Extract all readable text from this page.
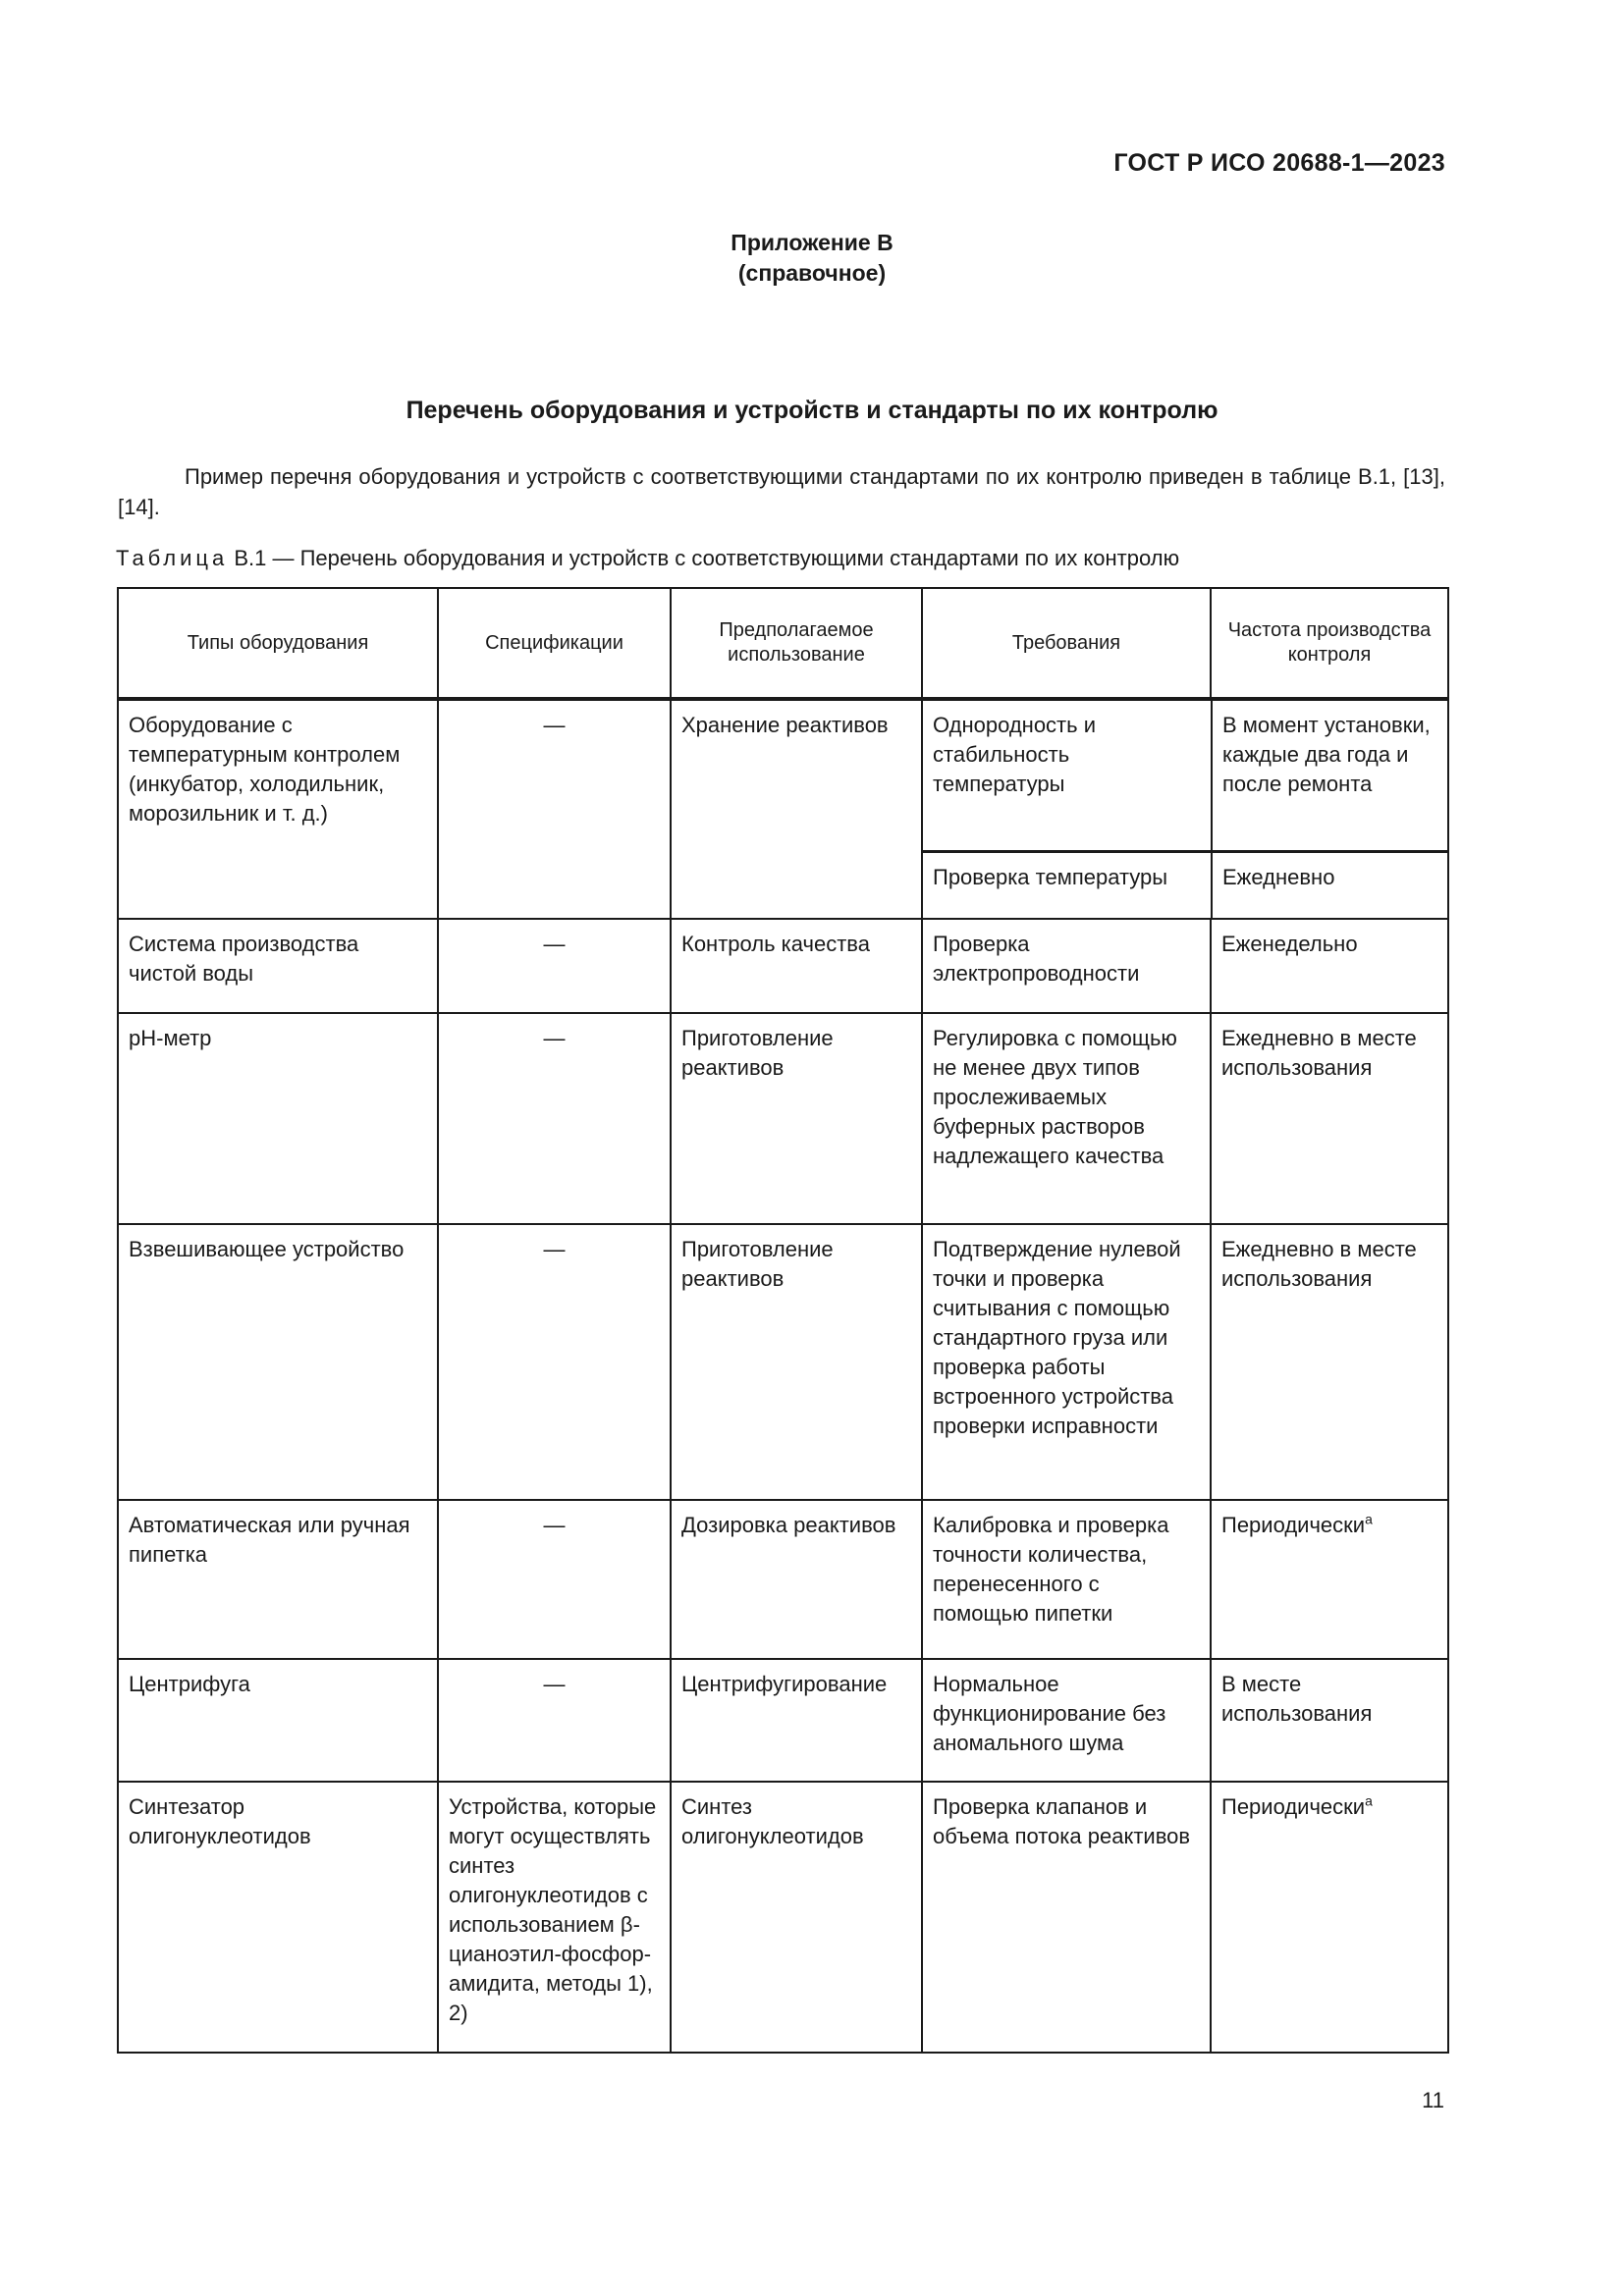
ГОСТ Р ИСО 20688-1—2023
Приложение В
(справочное)
Перечень оборудования и устройств и стандарты по их контролю

Пример перечня оборудования и устройств с соответствующими стандартами по их контролю приведен в таблице В.1, [13], [14].

Таблица В.1 — Перечень оборудования и устройств с соответствующими стандартами по их контролю
Типы оборудования	Спецификации	Предполагаемое использование	Требования	Частота производства контроля
Оборудование с температурным контролем (инкубатор, холодильник, морозильник и т. д.)	—	Хранение реактивов	Однородность и стабильность температуры	В момент установки, каждые два года и после ремонта
Проверка температуры	Ежедневно

Система производства чистой воды	—	Контроль качества	Проверка электропроводности	Еженедельно
pH-метр	—	Приготовление реактивов	Регулировка с помощью не менее двух типов прослеживаемых буферных растворов надлежащего качества	Ежедневно в месте использования
Взвешивающее устройство	—	Приготовление реактивов	Подтверждение нулевой точки и проверка считывания с помощью стандартного груза или проверка работы встроенного устройства проверки исправности	Ежедневно в месте использования
Автоматическая или ручная пипетка	—	Дозировка реактивов	Калибровка и проверка точности количества, перенесенного с помощью пипетки	Периодически$^a$
Центрифуга	—	Центрифугирование	Нормальное функционирование без аномального шума	В месте использования
Синтезатор олигонуклеотидов	Устройства, которые могут осуществлять синтез олигонуклеотидов с использованием β-цианоэтил-фосфор-амидита, методы 1), 2)	Синтез олигонуклеотидов	Проверка клапанов и объема потока реактивов	Периодически$^a$
11
